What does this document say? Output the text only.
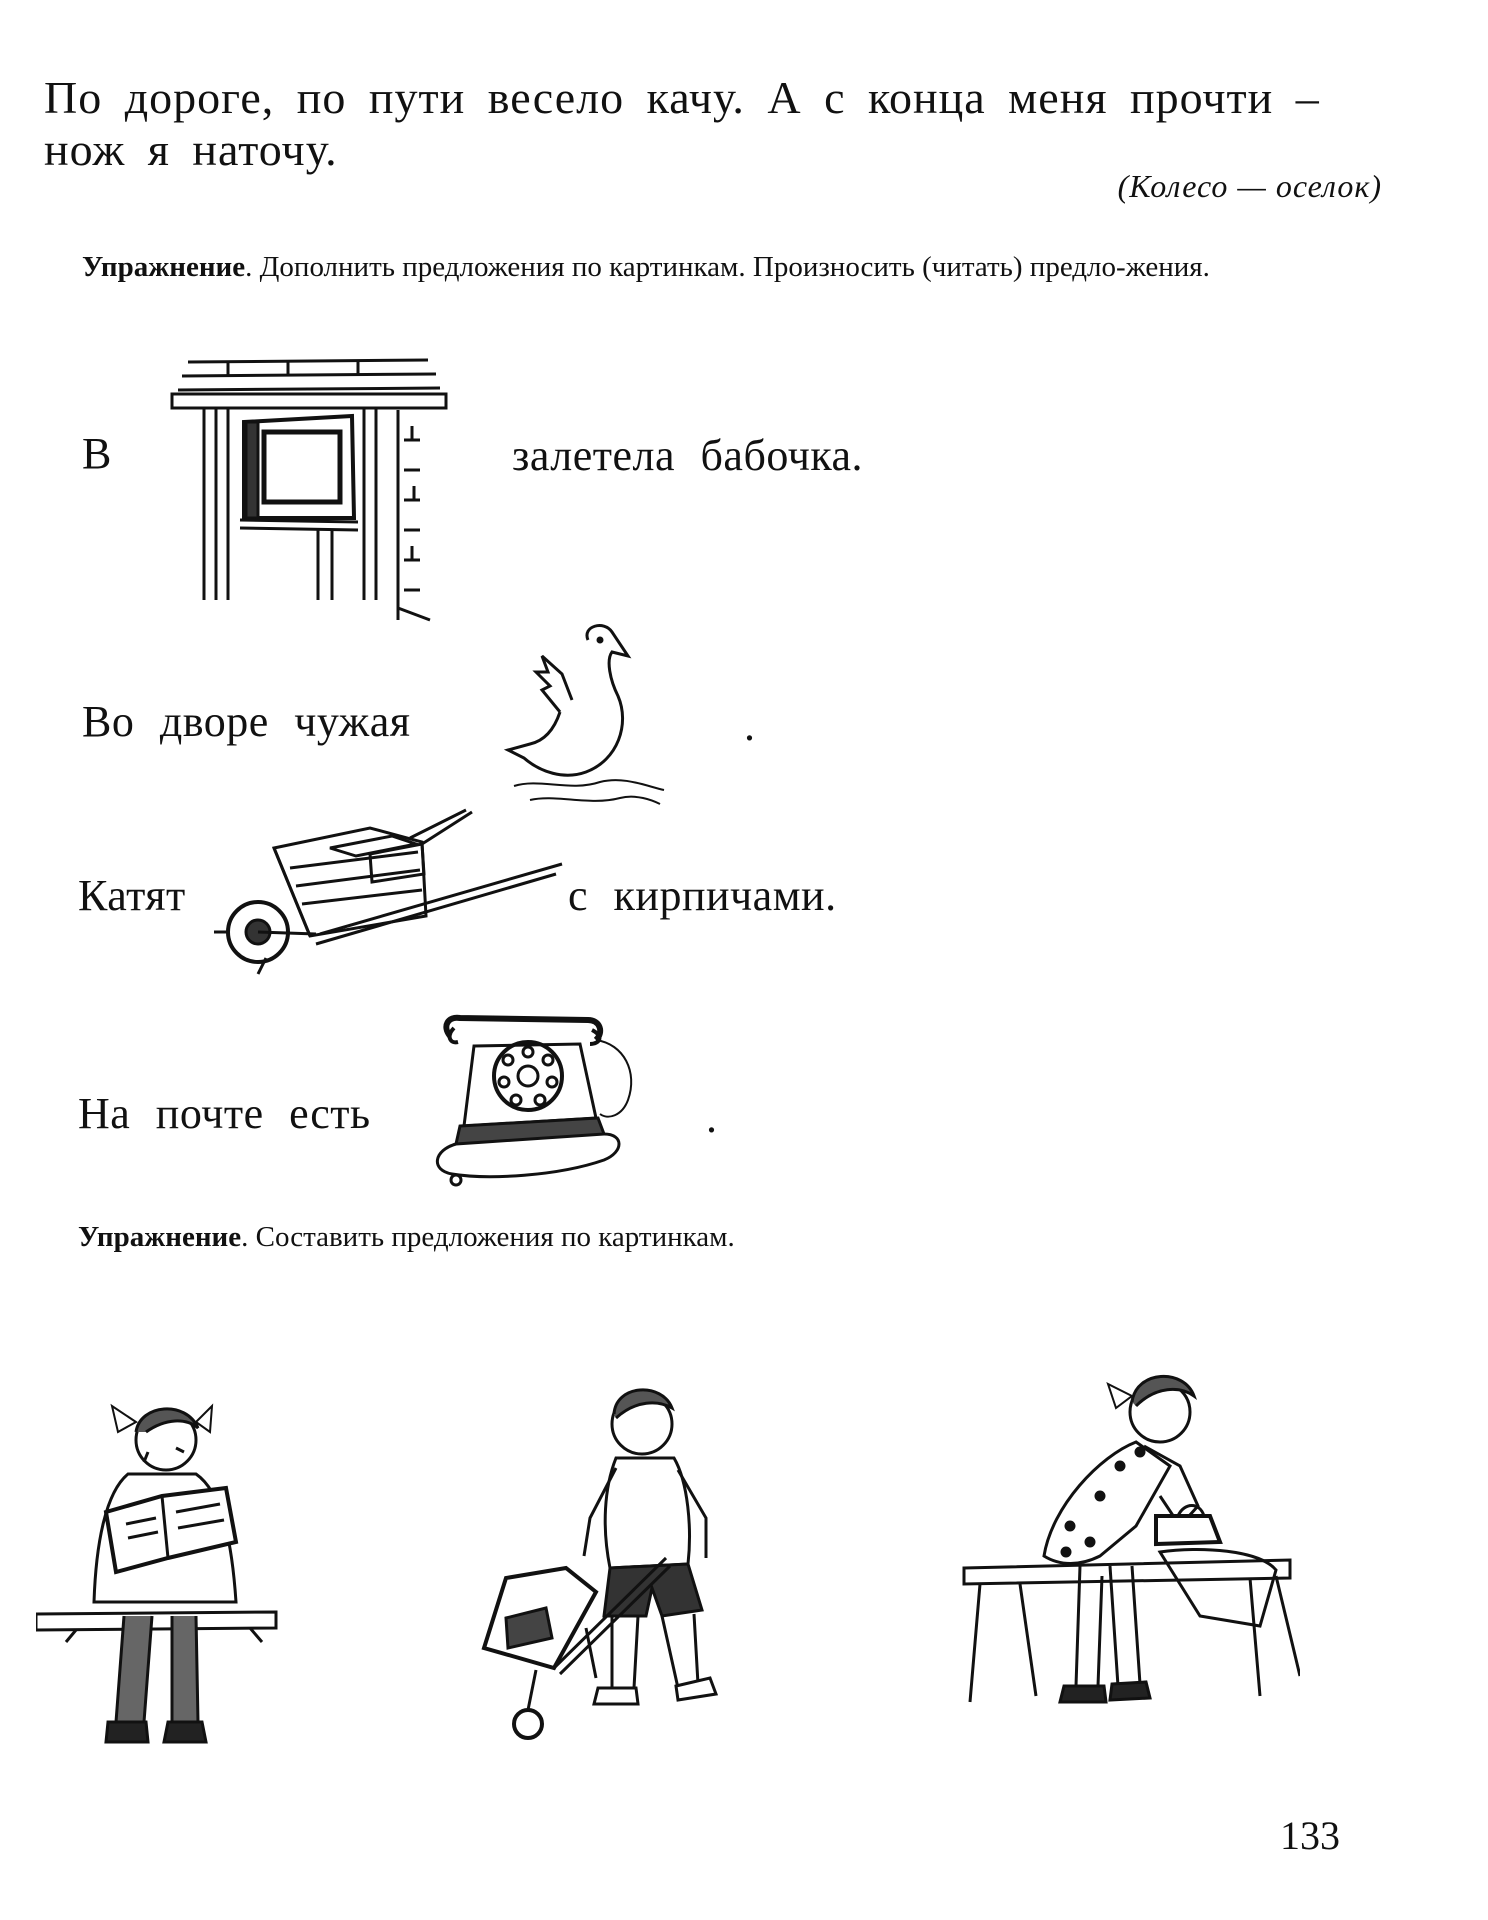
По дороге, по пути весело качу. А с конца меня прочти –

нож я наточу.

(Колесо — оселок)
Упражнение. Дополнить предложения по картинкам. Произносить (читать) предло-жения.
В	залетела бабочка.
Во дворе чужая	.
Катят	с кирпичами.
На почте есть	.
Упражнение. Составить предложения по картинкам.
133
